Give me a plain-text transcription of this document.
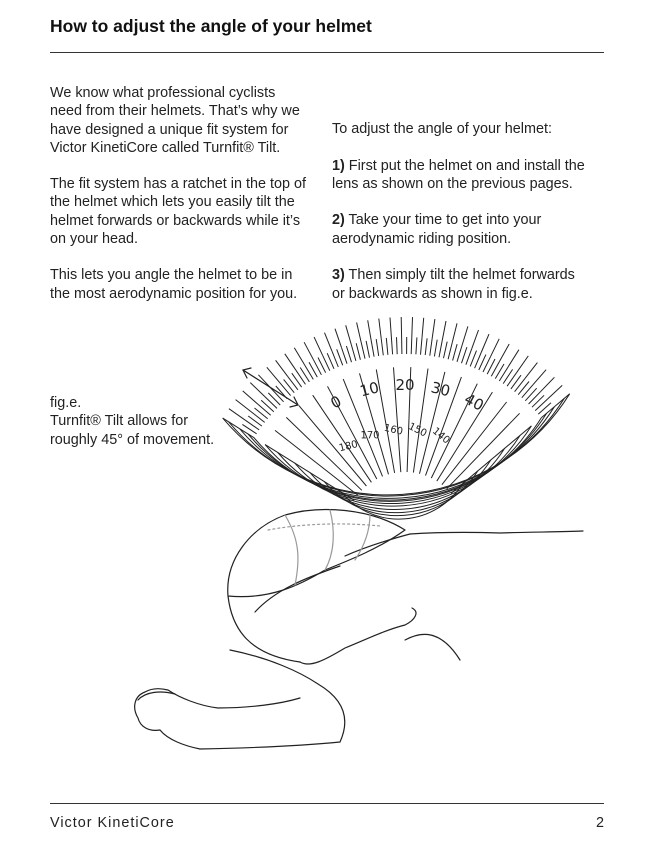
How to adjust the angle of your helmet

We know what professional cyclists
need from their helmets. That’s why we
have designed a unique fit system for
Victor KinetiCore called Turnfit® Tilt.

The fit system has a ratchet in the top of
the helmet which lets you easily tilt the
helmet forwards or backwards while it’s
on your head.

This lets you angle the helmet to be in
the most aerodynamic position for you.

To adjust the angle of your helmet:

1) First put the helmet on and install the
lens as shown on the previous pages.

2) Take your time to get into your
aerodynamic riding position.

3) Then simply tilt the helmet forwards
or backwards as shown in fig.e.

fig.e.
Turnfit® Tilt allows for
roughly 45° of movement.

0
10 20 30
40
180
170 160 150 140
Victor KinetiCore	2
